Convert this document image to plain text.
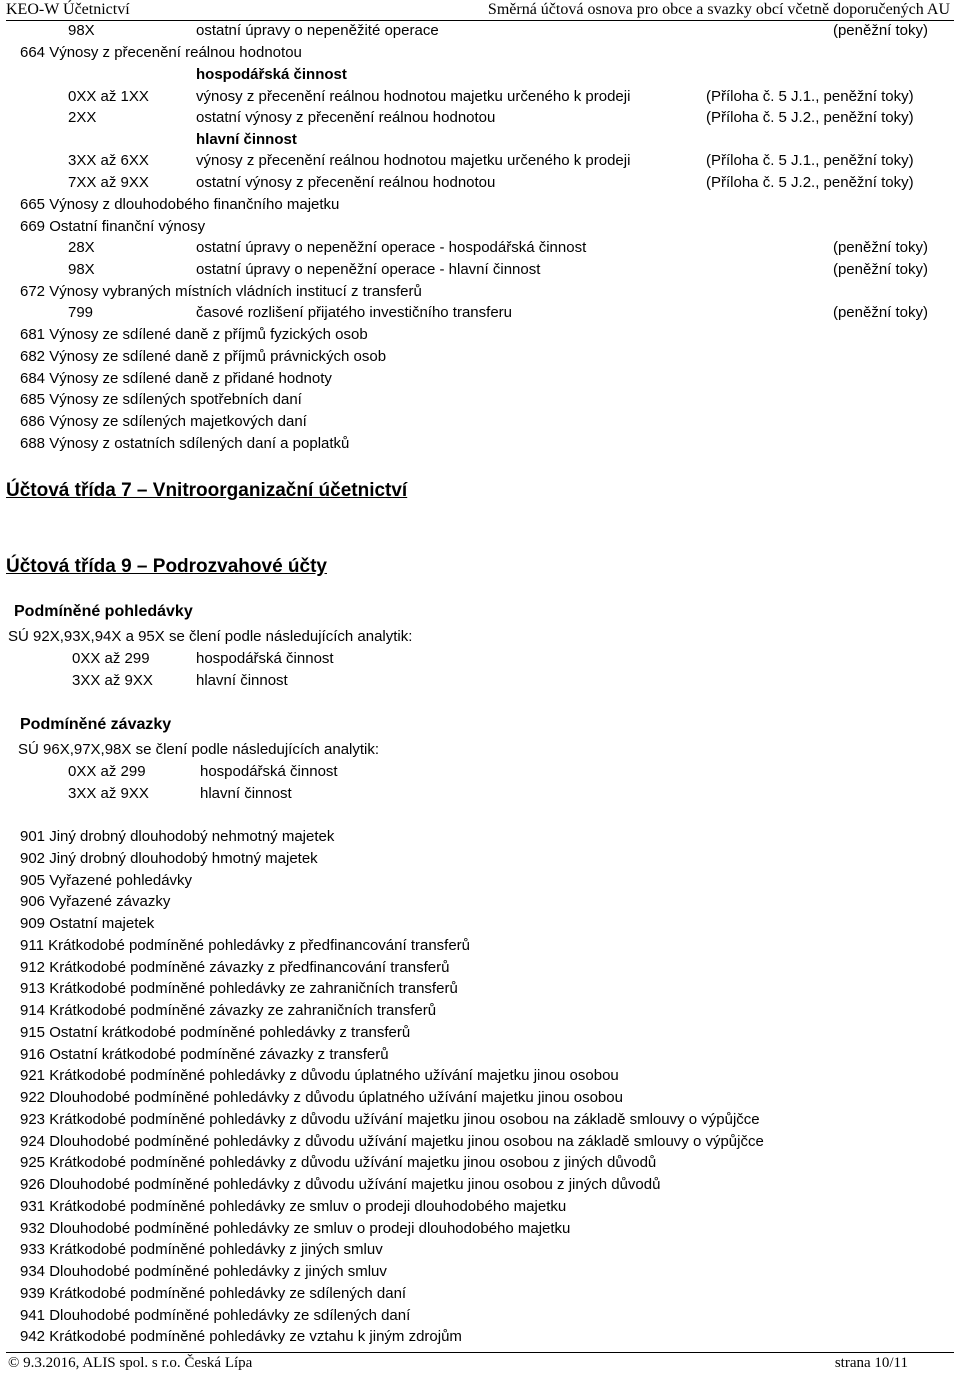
KEO-W Účetnictví	Směrná účtová osnova pro obce a svazky obcí včetně doporučených AU
98X	ostatní úpravy o nepeněžité operace	(peněžní toky)
664 Výnosy z přecenění reálnou hodnotou
hospodářská činnost
0XX až 1XX	výnosy z přecenění reálnou hodnotou majetku určeného k prodeji	(Příloha č. 5 J.1., peněžní toky)
2XX	ostatní výnosy z přecenění reálnou hodnotou	(Příloha č. 5 J.2., peněžní toky)
hlavní činnost
3XX až 6XX	výnosy z přecenění reálnou hodnotou majetku určeného k prodeji	(Příloha č. 5 J.1., peněžní toky)
7XX až 9XX	ostatní výnosy z přecenění reálnou hodnotou	(Příloha č. 5 J.2., peněžní toky)
665 Výnosy z dlouhodobého finančního majetku
669 Ostatní finanční výnosy
28X	ostatní úpravy o nepeněžní operace - hospodářská činnost	(peněžní toky)
98X	ostatní úpravy o nepeněžní operace - hlavní činnost	(peněžní toky)
672 Výnosy vybraných místních vládních institucí z transferů
799	časové rozlišení přijatého investičního transferu	(peněžní toky)
681 Výnosy ze sdílené daně z příjmů fyzických osob
682 Výnosy ze sdílené daně z příjmů právnických osob
684 Výnosy ze sdílené daně z přidané hodnoty
685 Výnosy ze sdílených spotřebních daní
686 Výnosy ze sdílených majetkových daní
688 Výnosy z ostatních sdílených daní a poplatků
Účtová třída 7 – Vnitroorganizační účetnictví
Účtová třída 9 – Podrozvahové účty
Podmíněné pohledávky
SÚ 92X,93X,94X a 95X se člení podle následujících analytik:
0XX až 299	hospodářská činnost
3XX až 9XX	hlavní činnost
Podmíněné závazky
SÚ 96X,97X,98X se člení podle následujících analytik:
0XX až 299	hospodářská činnost
3XX až 9XX	hlavní činnost
901 Jiný drobný dlouhodobý nehmotný majetek
902 Jiný drobný dlouhodobý hmotný majetek
905 Vyřazené pohledávky
906 Vyřazené závazky
909 Ostatní majetek
911 Krátkodobé podmíněné pohledávky z předfinancování transferů
912 Krátkodobé podmíněné závazky z předfinancování transferů
913 Krátkodobé podmíněné pohledávky ze zahraničních transferů
914 Krátkodobé podmíněné závazky ze zahraničních transferů
915 Ostatní krátkodobé podmíněné pohledávky z transferů
916 Ostatní krátkodobé podmíněné závazky z transferů
921 Krátkodobé podmíněné pohledávky z důvodu úplatného užívání majetku jinou osobou
922 Dlouhodobé podmíněné pohledávky z důvodu úplatného užívání majetku jinou osobou
923 Krátkodobé podmíněné pohledávky z důvodu užívání majetku jinou osobou na základě smlouvy o výpůjčce
924 Dlouhodobé podmíněné pohledávky z důvodu užívání majetku jinou osobou na základě smlouvy o výpůjčce
925 Krátkodobé podmíněné pohledávky z důvodu užívání majetku jinou osobou z jiných důvodů
926 Dlouhodobé podmíněné pohledávky z důvodu užívání majetku jinou osobou z jiných důvodů
931 Krátkodobé podmíněné pohledávky ze smluv o prodeji dlouhodobého majetku
932 Dlouhodobé podmíněné pohledávky ze smluv o prodeji dlouhodobého majetku
933 Krátkodobé podmíněné pohledávky z jiných smluv
934 Dlouhodobé podmíněné pohledávky z jiných smluv
939 Krátkodobé podmíněné pohledávky ze sdílených daní
941 Dlouhodobé podmíněné pohledávky ze sdílených daní
942 Krátkodobé podmíněné pohledávky ze vztahu k jiným zdrojům
© 9.3.2016, ALIS spol. s r.o. Česká Lípa	strana 10/11
